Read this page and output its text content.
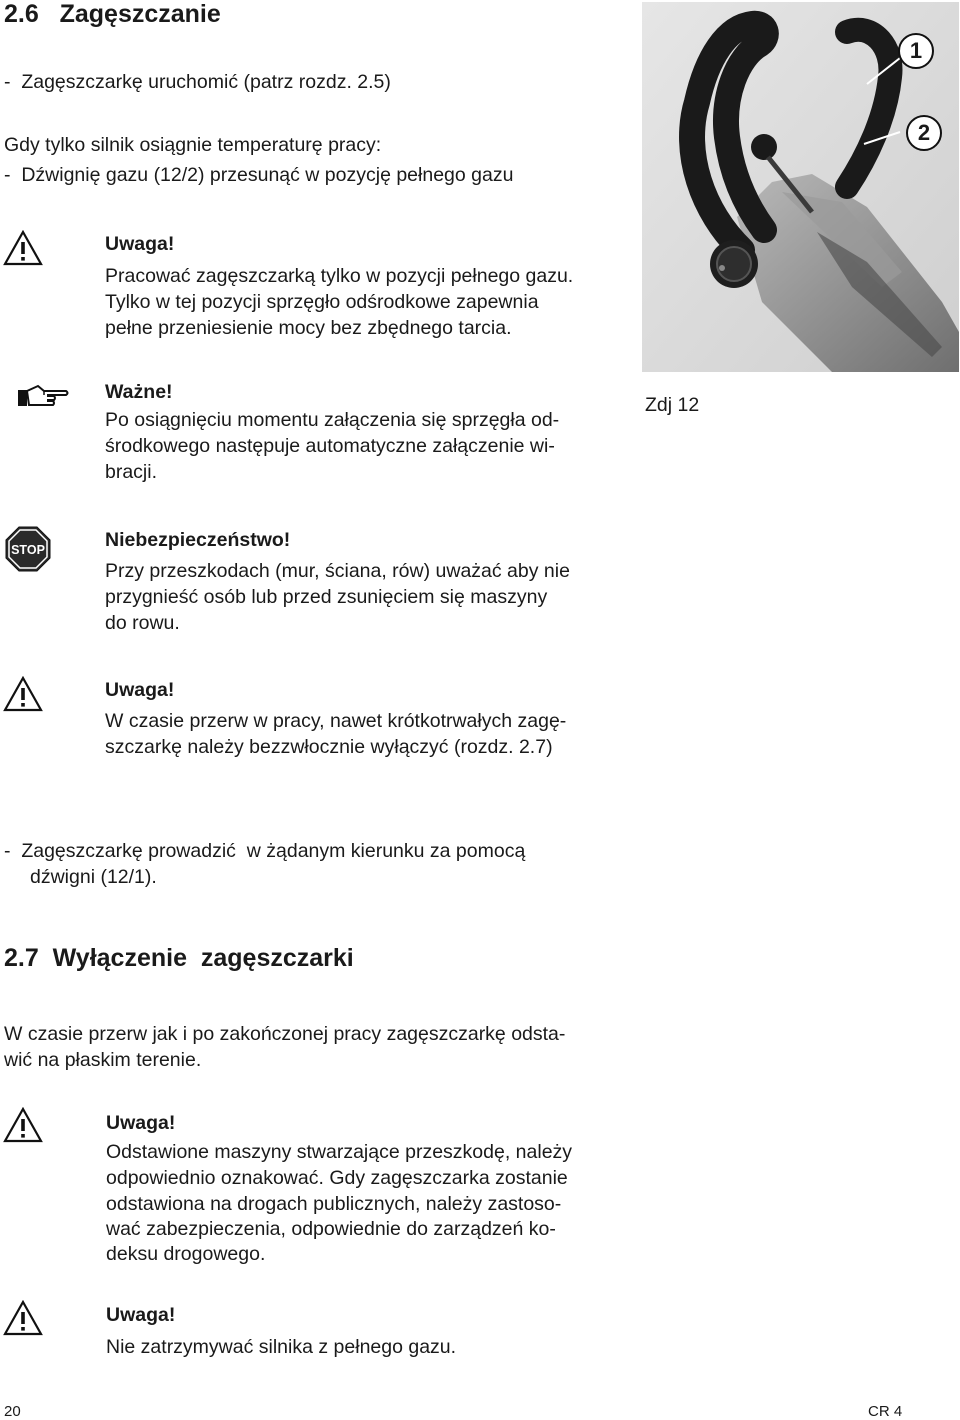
2.6   Zagęszczanie
-  Zagęszczarkę uruchomić (patrz rozdz. 2.5)
Gdy tylko silnik osiągnie temperaturę pracy:
-  Dźwignię gazu (12/2) przesunąć w pozycję pełnego gazu
Uwaga!
Pracować zagęszczarką tylko w pozycji pełnego gazu.
Tylko w tej pozycji sprzęgło odśrodkowe zapewnia
pełne przeniesienie mocy bez zbędnego tarcia.
Ważne!
Po osiągnięciu momentu załączenia się sprzęgła od-
środkowego następuje automatyczne załączenie wi-
bracji.
STOP	Niebezpieczeństwo!
Przy przeszkodach (mur, ściana, rów) uważać aby nie
przygnieść osób lub przed zsunięciem się maszyny
do rowu.
Uwaga!
W czasie przerw w pracy, nawet krótkotrwałych zagę-
szczarkę należy bezzwłocznie wyłączyć (rozdz. 2.7)
-  Zagęszczarkę prowadzić  w żądanym kierunku za pomocą
dźwigni (12/1).
2.7  Wyłączenie  zagęszczarki
W czasie przerw jak i po zakończonej pracy zagęszczarkę odsta-
wić na płaskim terenie.
Uwaga!
Odstawione maszyny stwarzające przeszkodę, należy
odpowiednio oznakować. Gdy zagęszczarka zostanie
odstawiona na drogach publicznych, należy zastoso-
wać zabezpieczenia, odpowiednie do zarządzeń ko-
deksu drogowego.
Uwaga!
Nie zatrzymywać silnika z pełnego gazu.
1
2
Zdj 12
20	CR 4
